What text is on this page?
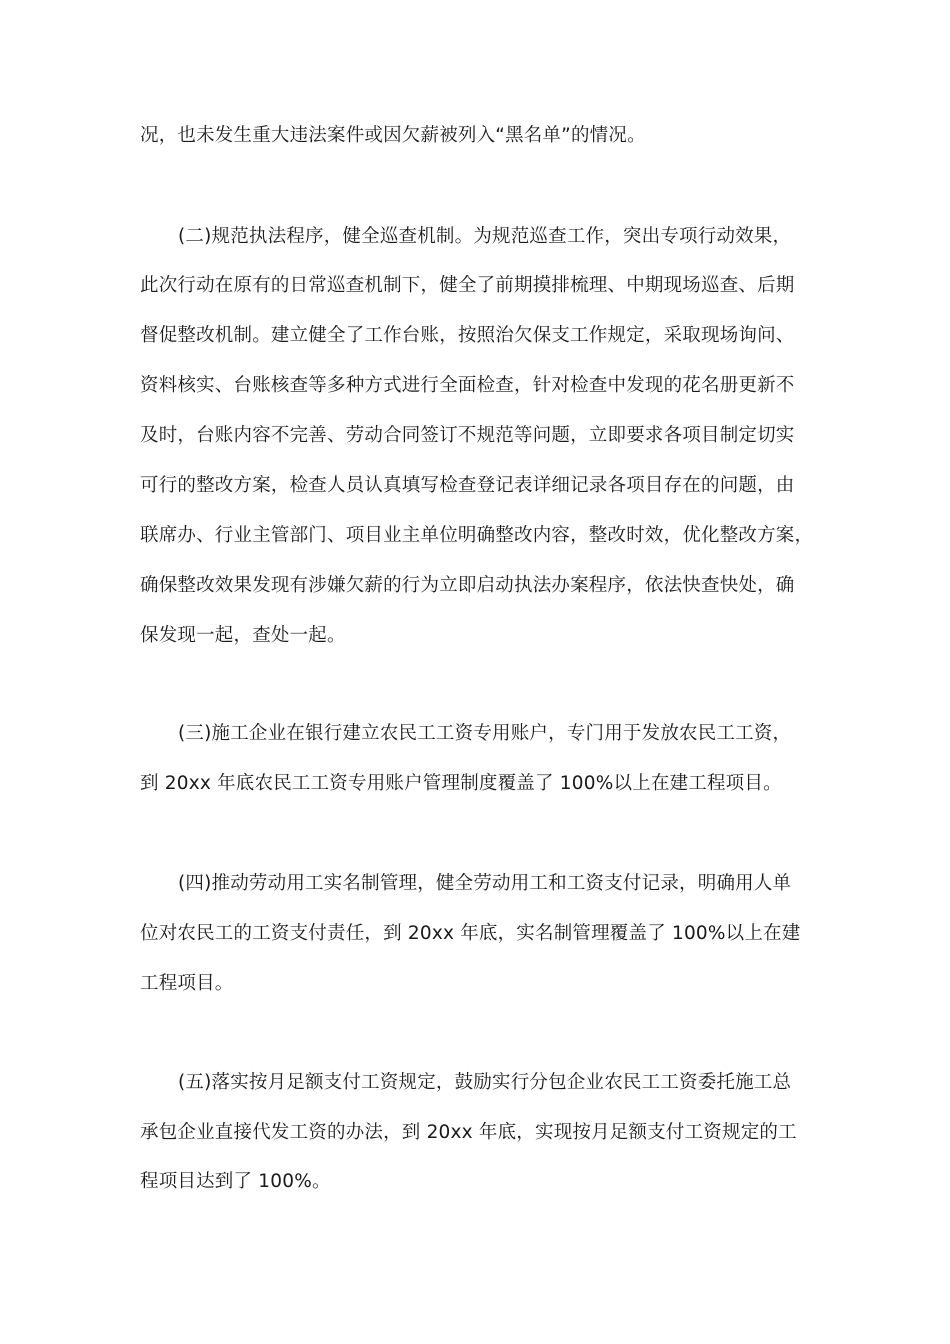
况，也未发生重大违法案件或因欠薪被列入“黑名单”的情况。
(二)规范执法程序，健全巡查机制。为规范巡查工作，突出专项行动效果，
此次行动在原有的日常巡查机制下，健全了前期摸排梳理、中期现场巡查、后期
督促整改机制。建立健全了工作台账，按照治欠保支工作规定，采取现场询问、
资料核实、台账核查等多种方式进行全面检查，针对检查中发现的花名册更新不
及时，台账内容不完善、劳动合同签订不规范等问题，立即要求各项目制定切实
可行的整改方案，检查人员认真填写检查登记表详细记录各项目存在的问题，由
联席办、行业主管部门、项目业主单位明确整改内容，整改时效，优化整改方案，
确保整改效果发现有涉嫌欠薪的行为立即启动执法办案程序，依法快查快处，确
保发现一起，查处一起。
(三)施工企业在银行建立农民工工资专用账户，专门用于发放农民工工资，
到 20xx 年底农民工工资专用账户管理制度覆盖了 100%以上在建工程项目。
(四)推动劳动用工实名制管理，健全劳动用工和工资支付记录，明确用人单
位对农民工的工资支付责任，到 20xx 年底，实名制管理覆盖了 100%以上在建
工程项目。
(五)落实按月足额支付工资规定，鼓励实行分包企业农民工工资委托施工总
承包企业直接代发工资的办法，到 20xx 年底，实现按月足额支付工资规定的工
程项目达到了 100%。
